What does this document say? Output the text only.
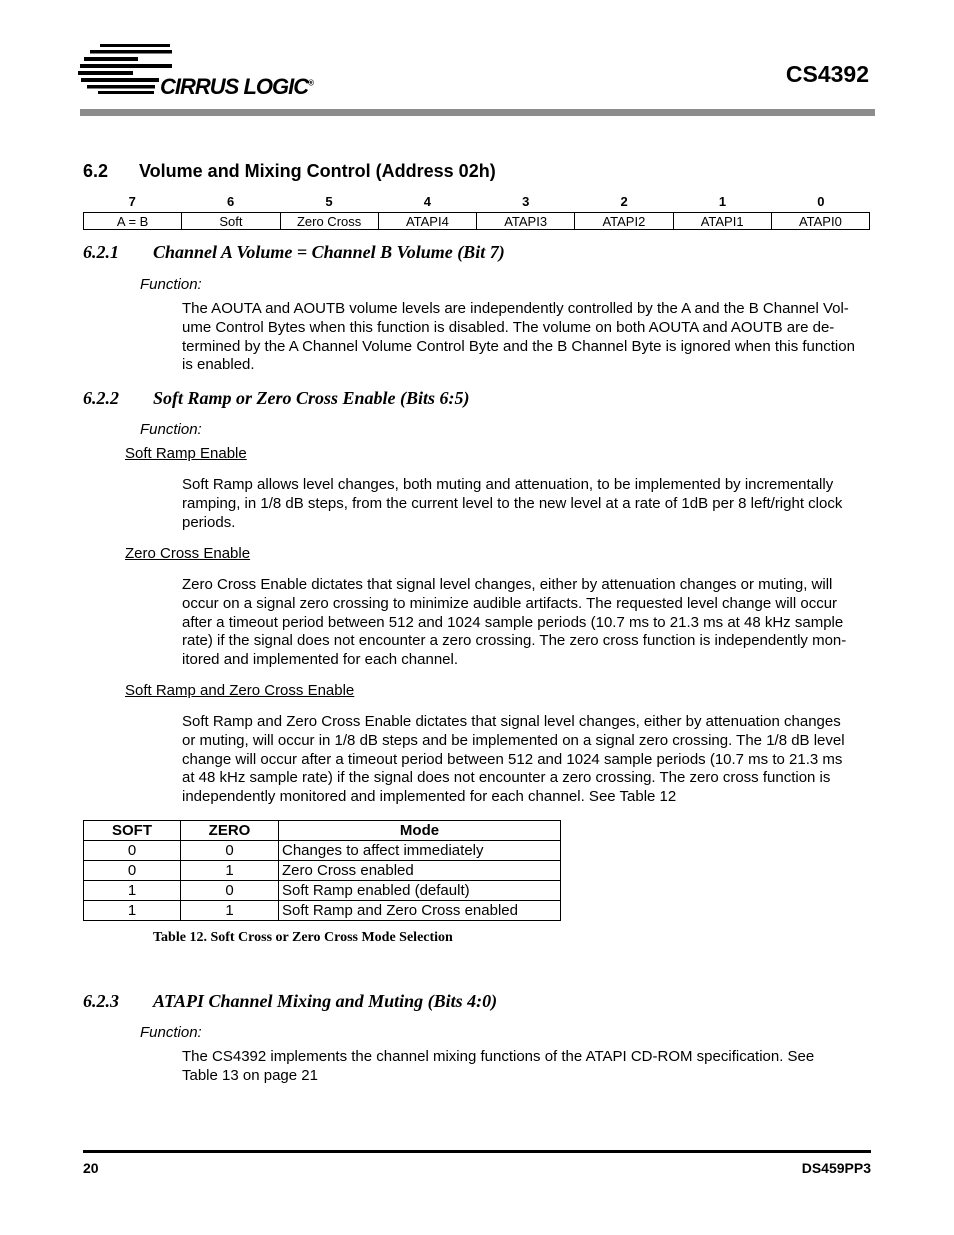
CIRRUS LOGIC®	CS4392
6.2 Volume and Mixing Control (Address 02h)
7	6	5	4	3	2	1	0
A = B	Soft	Zero Cross	ATAPI4	ATAPI3	ATAPI2	ATAPI1	ATAPI0
6.2.1 Channel A Volume = Channel B Volume (Bit 7)
Function:
The AOUTA and AOUTB volume levels are independently controlled by the A and the B Channel Vol-
ume Control Bytes when this function is disabled. The volume on both AOUTA and AOUTB are de-
termined by the A Channel Volume Control Byte and the B Channel Byte is ignored when this function
is enabled.
6.2.2 Soft Ramp or Zero Cross Enable (Bits 6:5)
Function:
Soft Ramp Enable
Soft Ramp allows level changes, both muting and attenuation, to be implemented by incrementally
ramping, in 1/8 dB steps, from the current level to the new level at a rate of 1dB per 8 left/right clock
periods.
Zero Cross Enable
Zero Cross Enable dictates that signal level changes, either by attenuation changes or muting, will
occur on a signal zero crossing to minimize audible artifacts. The requested level change will occur
after a timeout period between 512 and 1024 sample periods (10.7 ms to 21.3 ms at 48 kHz sample
rate) if the signal does not encounter a zero crossing. The zero cross function is independently mon-
itored and implemented for each channel.
Soft Ramp and Zero Cross Enable
Soft Ramp and Zero Cross Enable dictates that signal level changes, either by attenuation changes
or muting, will occur in 1/8 dB steps and be implemented on a signal zero crossing. The 1/8 dB level
change will occur after a timeout period between 512 and 1024 sample periods (10.7 ms to 21.3 ms
at 48 kHz sample rate) if the signal does not encounter a zero crossing. The zero cross function is
independently monitored and implemented for each channel. See Table 12
SOFT	ZERO	Mode
0	0	Changes to affect immediately
0	1	Zero Cross enabled
1	0	Soft Ramp enabled (default)
1	1	Soft Ramp and Zero Cross enabled
Table 12. Soft Cross or Zero Cross Mode Selection
6.2.3 ATAPI Channel Mixing and Muting (Bits 4:0)
Function:
The CS4392 implements the channel mixing functions of the ATAPI CD-ROM specification. See
Table 13 on page 21
20	DS459PP3
